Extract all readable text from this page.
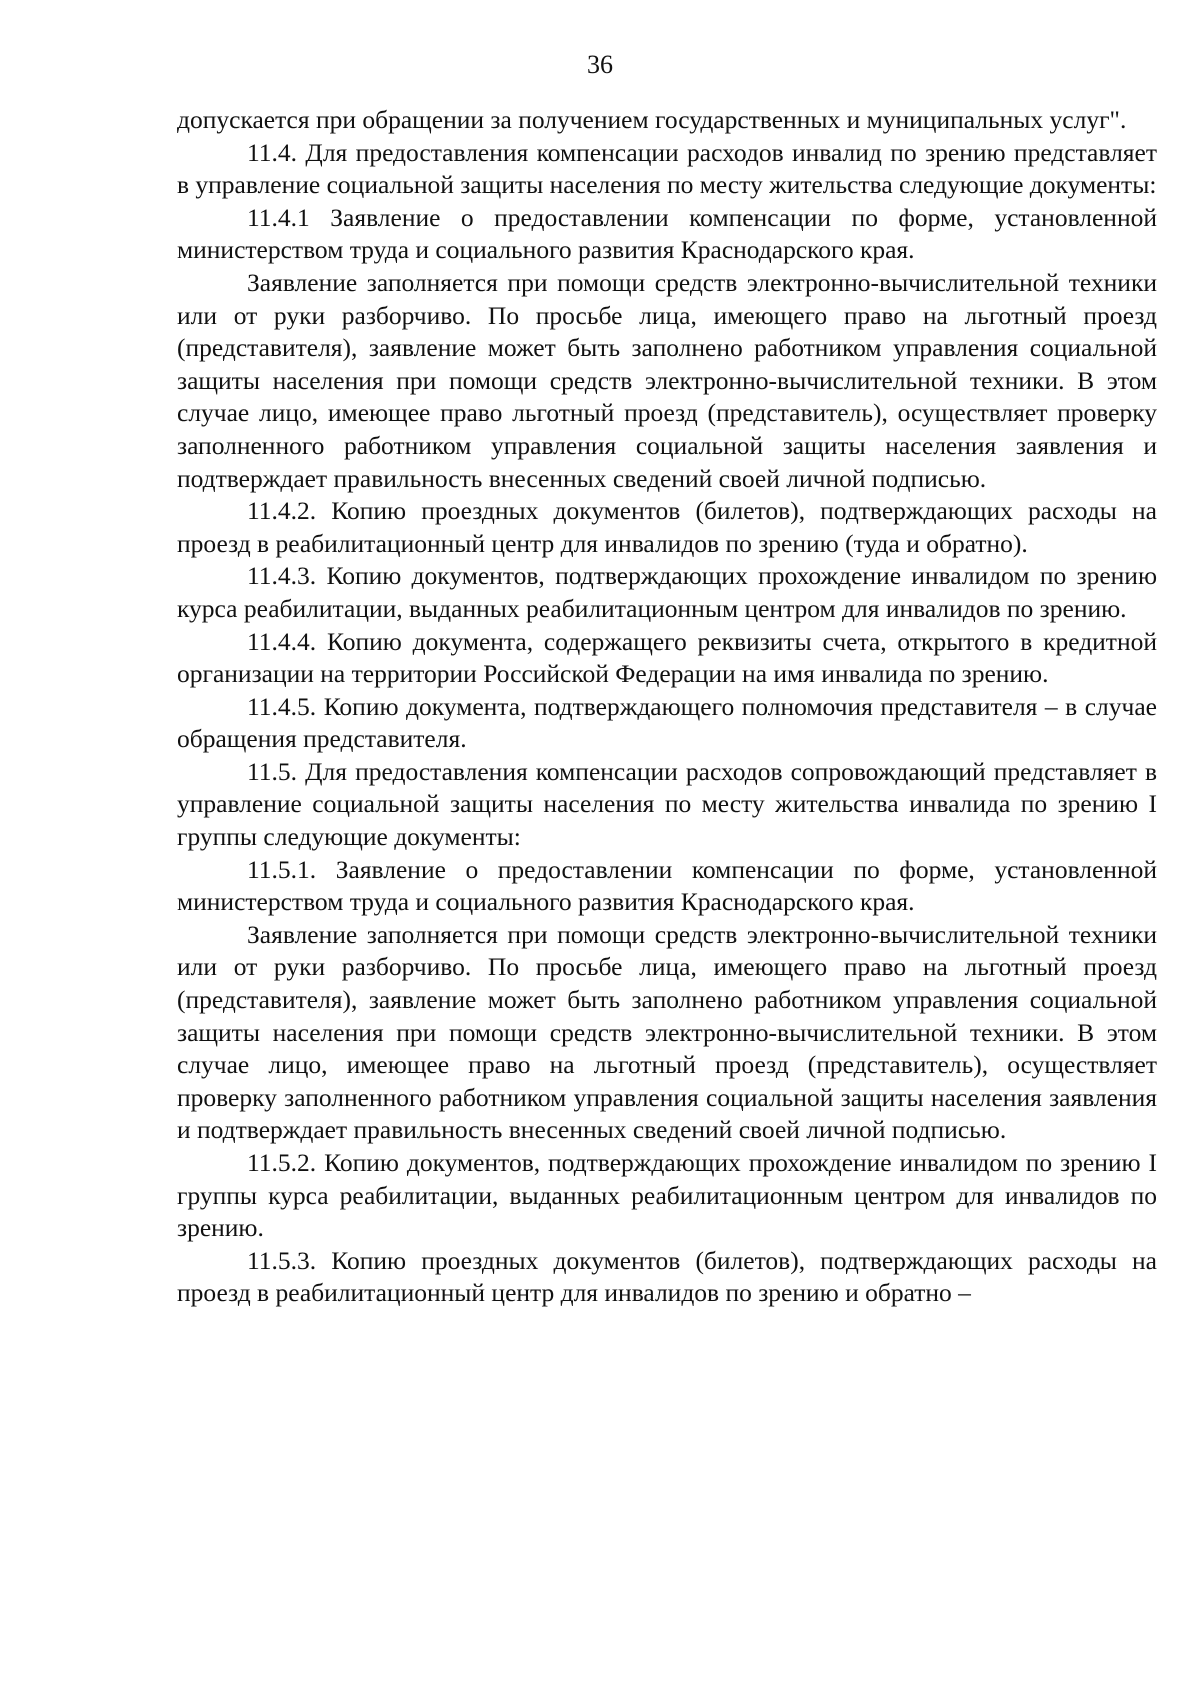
36

допускается при обращении за получением государственных и муниципальных услуг".

11.4. Для предоставления компенсации расходов инвалид по зрению представляет в управление социальной защиты населения по месту жительства следующие документы:

11.4.1 Заявление о предоставлении компенсации по форме, установленной министерством труда и социального развития Краснодарского края.

Заявление заполняется при помощи средств электронно-вычислительной техники или от руки разборчиво. По просьбе лица, имеющего право на льготный проезд (представителя), заявление может быть заполнено работником управления социальной защиты населения при помощи средств электронно-вычислительной техники. В этом случае лицо, имеющее право льготный проезд (представитель), осуществляет проверку заполненного работником управления социальной защиты населения заявления и подтверждает правильность внесенных сведений своей личной подписью.

11.4.2. Копию проездных документов (билетов), подтверждающих расходы на проезд в реабилитационный центр для инвалидов по зрению (туда и обратно).

11.4.3. Копию документов, подтверждающих прохождение инвалидом по зрению курса реабилитации, выданных реабилитационным центром для инвалидов по зрению.

11.4.4. Копию документа, содержащего реквизиты счета, открытого в кредитной организации на территории Российской Федерации на имя инвалида по зрению.

11.4.5. Копию документа, подтверждающего полномочия представителя – в случае обращения представителя.

11.5. Для предоставления компенсации расходов сопровождающий представляет в управление социальной защиты населения по месту жительства инвалида по зрению I группы следующие документы:

11.5.1. Заявление о предоставлении компенсации по форме, установленной министерством труда и социального развития Краснодарского края.

Заявление заполняется при помощи средств электронно-вычислительной техники или от руки разборчиво. По просьбе лица, имеющего право на льготный проезд (представителя), заявление может быть заполнено работником управления социальной защиты населения при помощи средств электронно-вычислительной техники. В этом случае лицо, имеющее право на льготный проезд (представитель), осуществляет проверку заполненного работником управления социальной защиты населения заявления и подтверждает правильность внесенных сведений своей личной подписью.

11.5.2. Копию документов, подтверждающих прохождение инвалидом по зрению I группы курса реабилитации, выданных реабилитационным центром для инвалидов по зрению.

11.5.3. Копию проездных документов (билетов), подтверждающих расходы на проезд в реабилитационный центр для инвалидов по зрению и обратно –
